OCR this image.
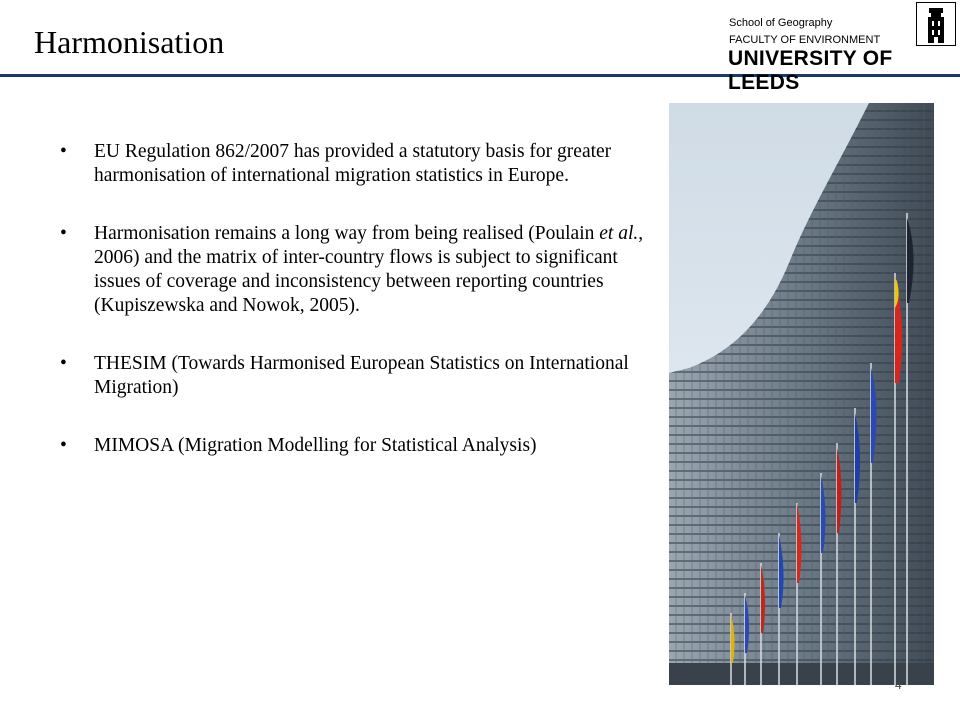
Harmonisation
School of Geography
FACULTY OF ENVIRONMENT
UNIVERSITY OF LEEDS
• EU Regulation 862/2007 has provided a statutory basis for greater harmonisation of international migration statistics in Europe.
• Harmonisation remains a long way from being realised (Poulain et al., 2006) and the matrix of inter-country flows is subject to significant issues of coverage and inconsistency between reporting countries (Kupiszewska and Nowok, 2005).
• THESIM (Towards Harmonised European Statistics on International Migration)
• MIMOSA (Migration Modelling for Statistical Analysis)
4
